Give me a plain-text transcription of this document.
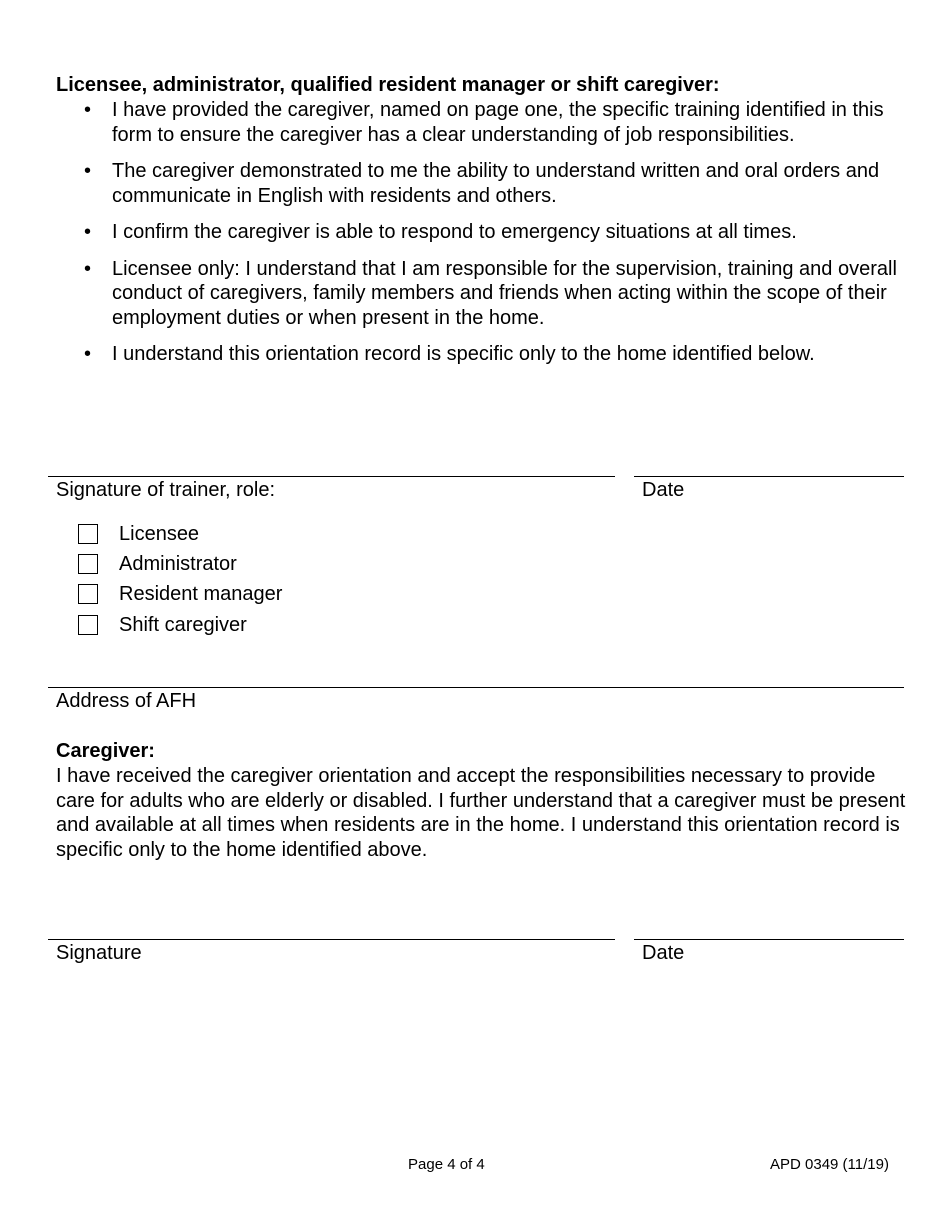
Licensee, administrator, qualified resident manager or shift caregiver:
• I have provided the caregiver, named on page one, the specific training identified in this form to ensure the caregiver has a clear understanding of job responsibilities.
• The caregiver demonstrated to me the ability to understand written and oral orders and communicate in English with residents and others.
• I confirm the caregiver is able to respond to emergency situations at all times.
• Licensee only: I understand that I am responsible for the supervision, training and overall conduct of caregivers, family members and friends when acting within the scope of their employment duties or when present in the home.
• I understand this orientation record is specific only to the home identified below.
Signature of trainer, role:	Date
Licensee
Administrator
Resident manager
Shift caregiver
Address of AFH
Caregiver:
I have received the caregiver orientation and accept the responsibilities necessary to provide care for adults who are elderly or disabled. I further understand that a caregiver must be present and available at all times when residents are in the home. I understand this orientation record is specific only to the home identified above.
Signature	Date
Page 4 of 4	APD 0349 (11/19)
